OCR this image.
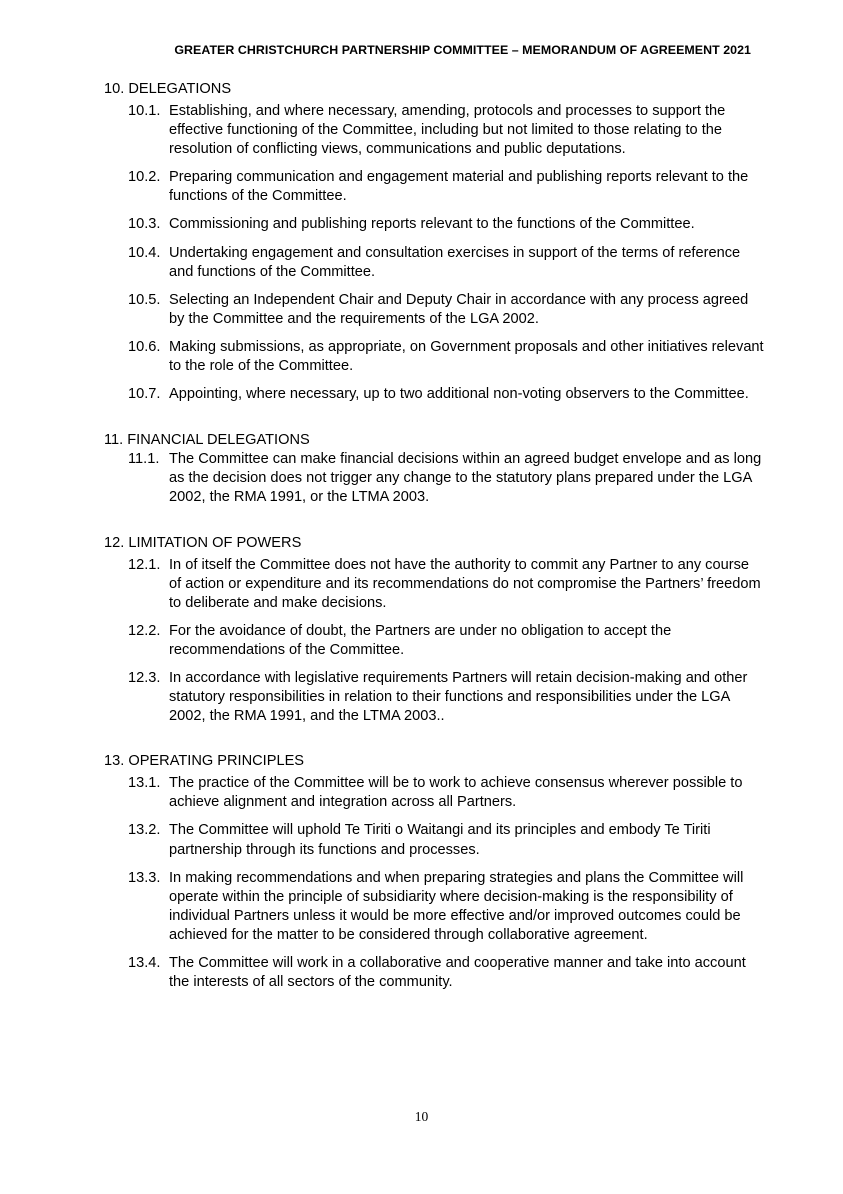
GREATER CHRISTCHURCH PARTNERSHIP COMMITTEE – MEMORANDUM OF AGREEMENT 2021
10. DELEGATIONS
10.1. Establishing, and where necessary, amending, protocols and processes to support the effective functioning of the Committee, including but not limited to those relating to the resolution of conflicting views, communications and public deputations.
10.2. Preparing communication and engagement material and publishing reports relevant to the functions of the Committee.
10.3. Commissioning and publishing reports relevant to the functions of the Committee.
10.4. Undertaking engagement and consultation exercises in support of the terms of reference and functions of the Committee.
10.5. Selecting an Independent Chair and Deputy Chair in accordance with any process agreed by the Committee and the requirements of the LGA 2002.
10.6. Making submissions, as appropriate, on Government proposals and other initiatives relevant to the role of the Committee.
10.7. Appointing, where necessary, up to two additional non-voting observers to the Committee.
11. FINANCIAL DELEGATIONS
11.1. The Committee can make financial decisions within an agreed budget envelope and as long as the decision does not trigger any change to the statutory plans prepared under the LGA 2002, the RMA 1991, or the LTMA 2003.
12. LIMITATION OF POWERS
12.1. In of itself the Committee does not have the authority to commit any Partner to any course of action or expenditure and its recommendations do not compromise the Partners’ freedom to deliberate and make decisions.
12.2. For the avoidance of doubt, the Partners are under no obligation to accept the recommendations of the Committee.
12.3. In accordance with legislative requirements Partners will retain decision-making and other statutory responsibilities in relation to their functions and responsibilities under the LGA 2002, the RMA 1991, and the LTMA 2003..
13. OPERATING PRINCIPLES
13.1. The practice of the Committee will be to work to achieve consensus wherever possible to achieve alignment and integration across all Partners.
13.2. The Committee will uphold Te Tiriti o Waitangi and its principles and embody Te Tiriti partnership through its functions and processes.
13.3. In making recommendations and when preparing strategies and plans the Committee will operate within the principle of subsidiarity where decision-making is the responsibility of individual Partners unless it would be more effective and/or improved outcomes could be achieved for the matter to be considered through collaborative agreement.
13.4. The Committee will work in a collaborative and cooperative manner and take into account the interests of all sectors of the community.
10
